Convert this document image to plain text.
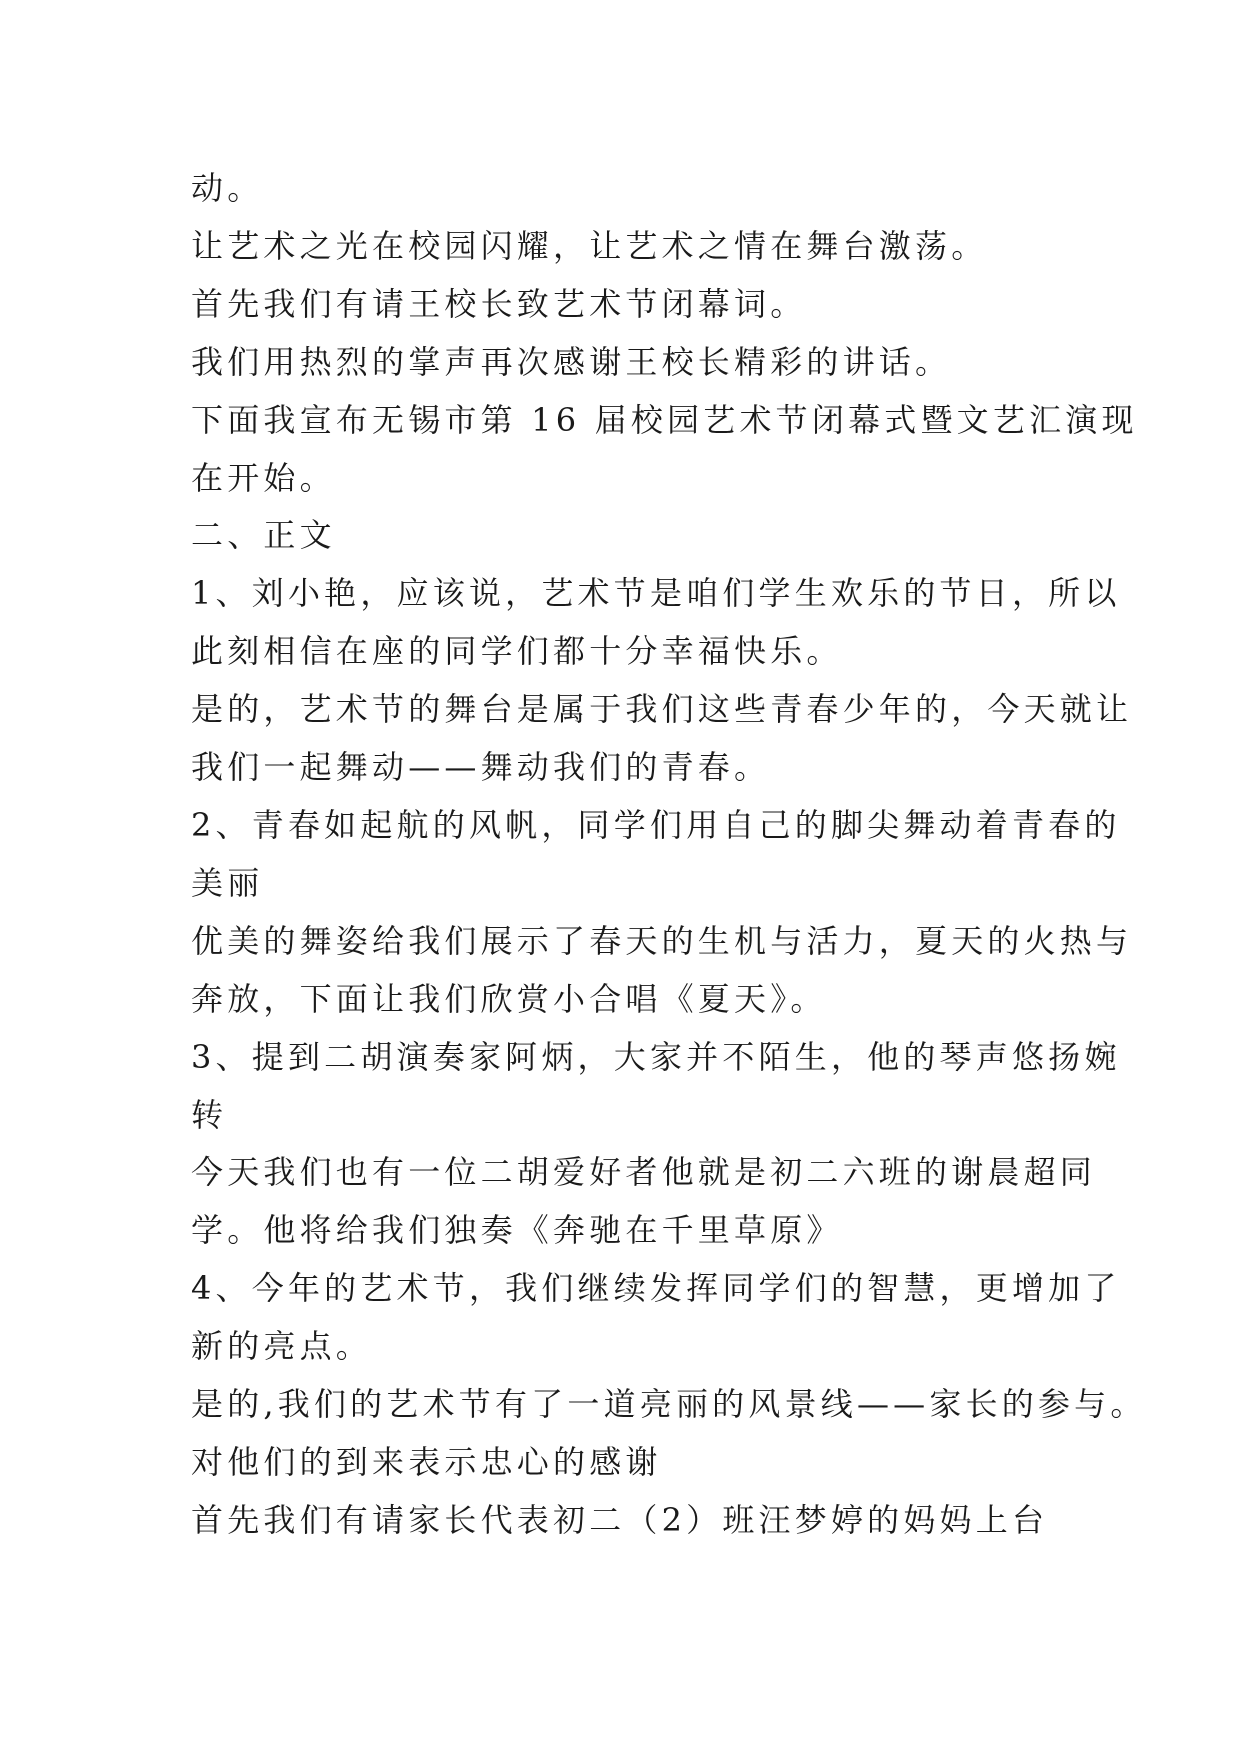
动。

让艺术之光在校园闪耀，让艺术之情在舞台激荡。

首先我们有请王校长致艺术节闭幕词。

我们用热烈的掌声再次感谢王校长精彩的讲话。

下面我宣布无锡市第 16 届校园艺术节闭幕式暨文艺汇演现

在开始。

二、正文

1、刘小艳，应该说，艺术节是咱们学生欢乐的节日，所以

此刻相信在座的同学们都十分幸福快乐。

是的，艺术节的舞台是属于我们这些青春少年的，今天就让

我们一起舞动——舞动我们的青春。

2、青春如起航的风帆，同学们用自己的脚尖舞动着青春的

美丽

优美的舞姿给我们展示了春天的生机与活力，夏天的火热与

奔放，下面让我们欣赏小合唱《夏天》。

3、提到二胡演奏家阿炳，大家并不陌生，他的琴声悠扬婉

转

今天我们也有一位二胡爱好者他就是初二六班的谢晨超同

学。他将给我们独奏《奔驰在千里草原》

4、今年的艺术节，我们继续发挥同学们的智慧，更增加了

新的亮点。

是的,我们的艺术节有了一道亮丽的风景线——家长的参与。

对他们的到来表示忠心的感谢

首先我们有请家长代表初二（2）班汪梦婷的妈妈上台
